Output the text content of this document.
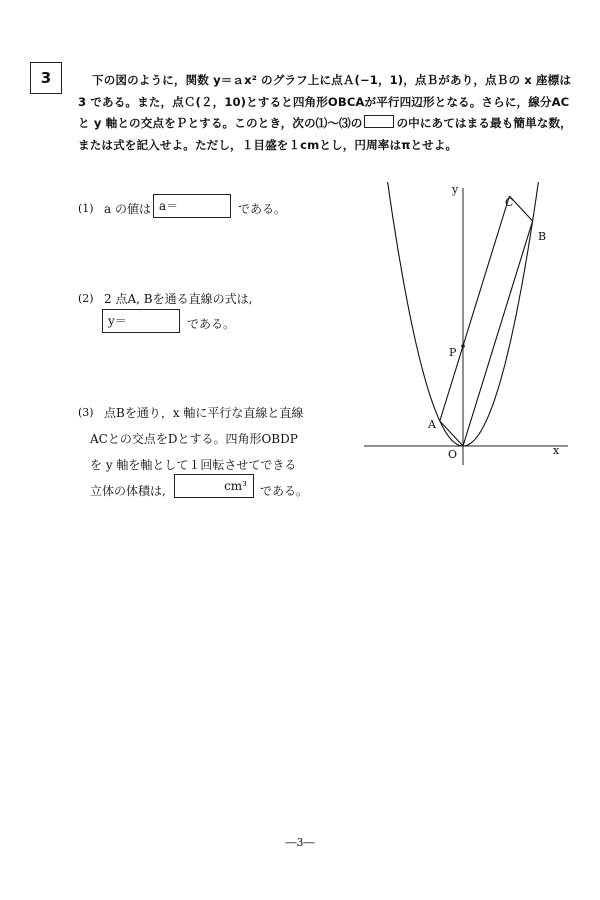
3	下の図のように，関数 y＝ａx² のグラフ上に点Ａ(−1，1)，点Ｂがあり，点Ｂの x 座標は
3 である。また，点Ｃ(２，10)とすると四角形OBCAが平行四辺形となる。さらに，線分AC
と y 軸との交点をＰとする。このとき，次の⑴～⑶の	の中にあてはまる最も簡単な数，
または式を記入せよ。ただし，１目盛を１cmとし，円周率はπとせよ。
(1) a の値は a＝	である。
(2) 2 点A, Bを通る直線の式は,
y＝	である。
(3) 点Bを通り，x 軸に平行な直線と直線
ACとの交点をDとする。四角形OBDP
を y 軸を軸として１回転させてできる
立体の体積は,	cm³	である。
y
x
O
A
B
C
P
―3―
